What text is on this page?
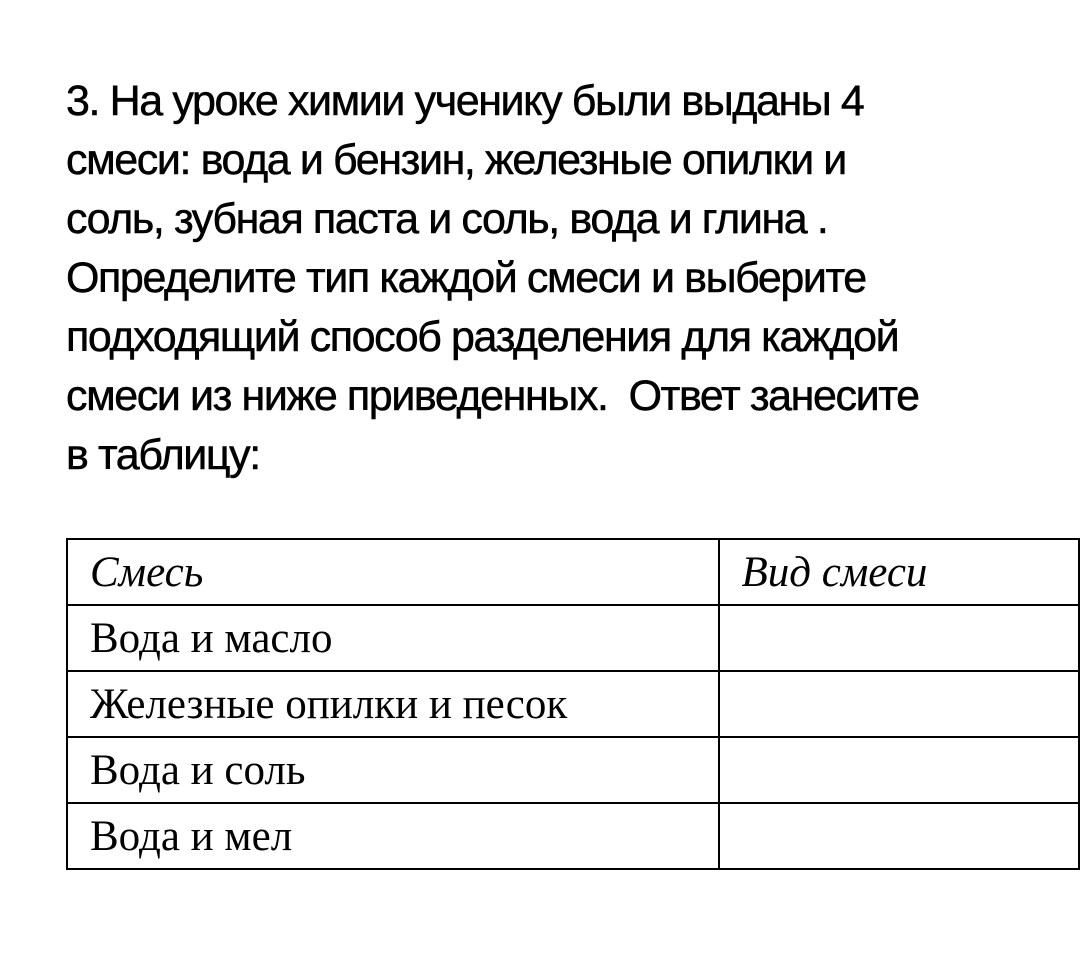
3. На уроке химии ученику были выданы 4
смеси: вода и бензин, железные опилки и
соль, зубная паста и соль, вода и глина .
Определите тип каждой смеси и выберите
подходящий способ разделения для каждой
смеси из ниже приведенных.  Ответ занесите
в таблицу:
Смесь	Вид смеси
Вода и масло	
Железные опилки и песок	
Вода и соль	
Вода и мел	
